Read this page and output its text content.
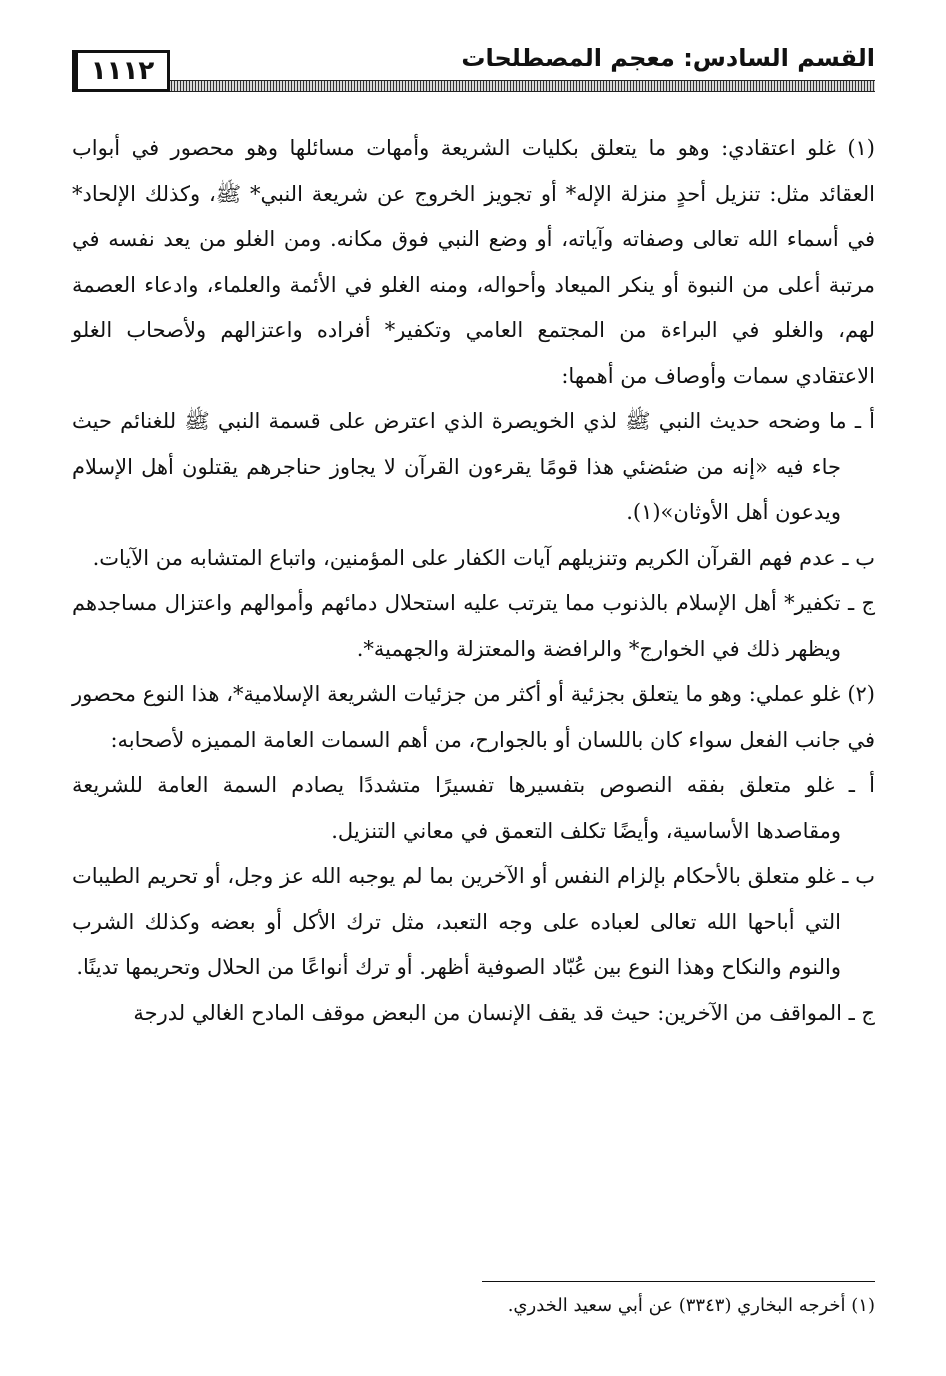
القسم السادس: معجم المصطلحات
١١١٢

(١) غلو اعتقادي: وهو ما يتعلق بكليات الشريعة وأمهات مسائلها وهو محصور في أبواب العقائد مثل: تنزيل أحدٍ منزلة الإله* أو تجويز الخروج عن شريعة النبي* ﷺ، وكذلك الإلحاد* في أسماء الله تعالى وصفاته وآياته، أو وضع النبي فوق مكانه. ومن الغلو من يعد نفسه في مرتبة أعلى من النبوة أو ينكر الميعاد وأحواله، ومنه الغلو في الأئمة والعلماء، وادعاء العصمة لهم، والغلو في البراءة من المجتمع العامي وتكفير* أفراده واعتزالهم ولأصحاب الغلو الاعتقادي سمات وأوصاف من أهمها:

أ ـ ما وضحه حديث النبي ﷺ لذي الخويصرة الذي اعترض على قسمة النبي ﷺ للغنائم حيث جاء فيه «إنه من ضئضئي هذا قومًا يقرءون القرآن لا يجاوز حناجرهم يقتلون أهل الإسلام ويدعون أهل الأوثان»(١).

ب ـ عدم فهم القرآن الكريم وتنزيلهم آيات الكفار على المؤمنين، واتباع المتشابه من الآيات.

ج ـ تكفير* أهل الإسلام بالذنوب مما يترتب عليه استحلال دمائهم وأموالهم واعتزال مساجدهم ويظهر ذلك في الخوارج* والرافضة والمعتزلة والجهمية*.

(٢) غلو عملي: وهو ما يتعلق بجزئية أو أكثر من جزئيات الشريعة الإسلامية*، هذا النوع محصور في جانب الفعل سواء كان باللسان أو بالجوارح، من أهم السمات العامة المميزه لأصحابه:

أ ـ غلو متعلق بفقه النصوص بتفسيرها تفسيرًا متشددًا يصادم السمة العامة للشريعة ومقاصدها الأساسية، وأيضًا تكلف التعمق في معاني التنزيل.

ب ـ غلو متعلق بالأحكام بإلزام النفس أو الآخرين بما لم يوجبه الله عز وجل، أو تحريم الطيبات التي أباحها الله تعالى لعباده على وجه التعبد، مثل ترك الأكل أو بعضه وكذلك الشرب والنوم والنكاح وهذا النوع بين عُبّاد الصوفية أظهر. أو ترك أنواعًا من الحلال وتحريمها تدينًا.

ج ـ المواقف من الآخرين: حيث قد يقف الإنسان من البعض موقف المادح الغالي لدرجة

(١) أخرجه البخاري (٣٣٤٣) عن أبي سعيد الخدري.
